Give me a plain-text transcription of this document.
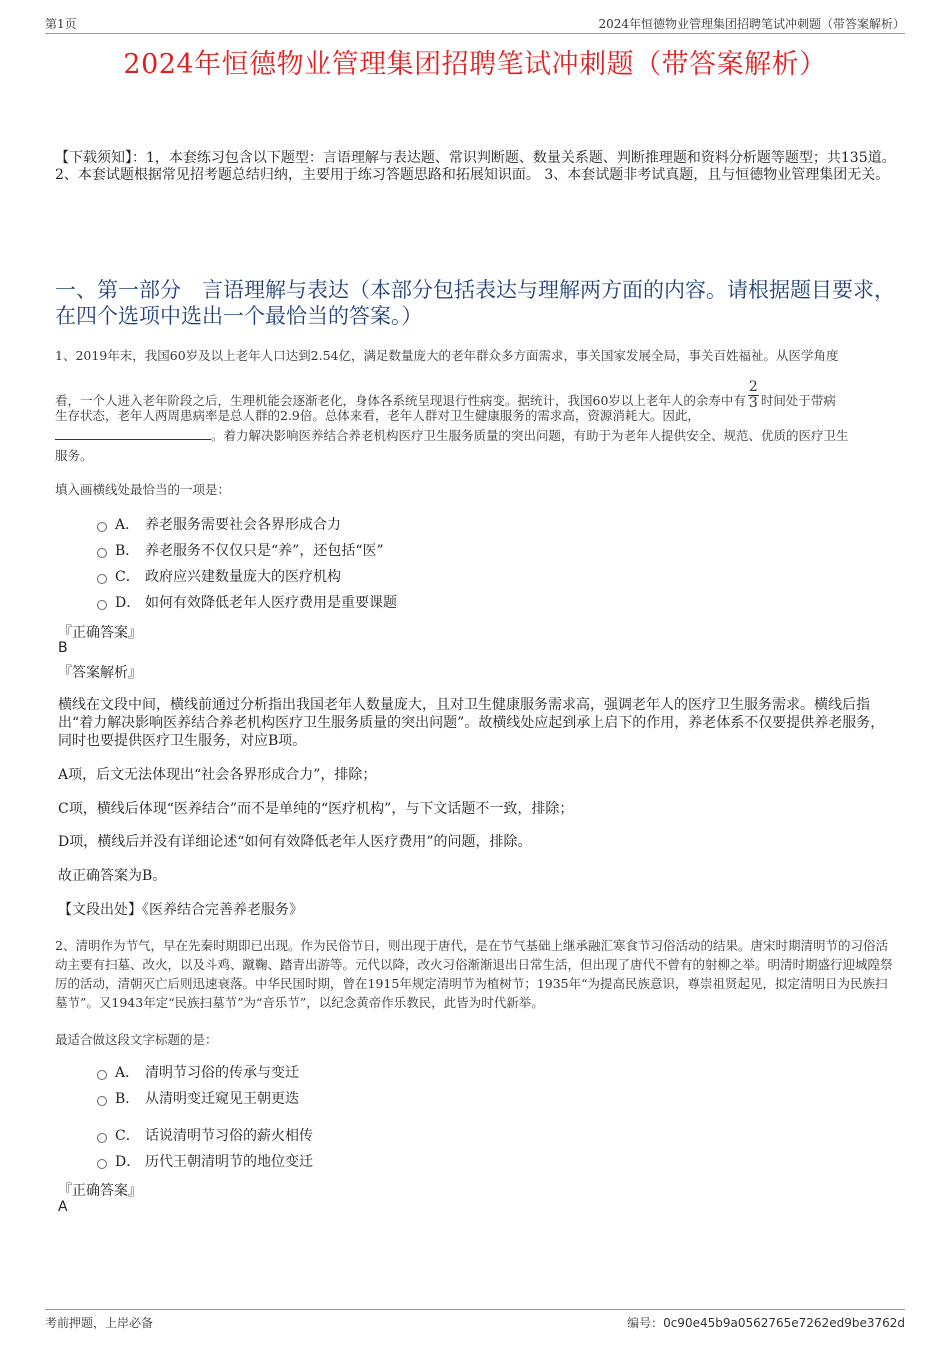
第1页	2024年恒德物业管理集团招聘笔试冲刺题（带答案解析）
2024年恒德物业管理集团招聘笔试冲刺题（带答案解析）
【下载须知】：1，本套练习包含以下题型：言语理解与表达题、常识判断题、数量关系题、判断推理题和资料分析题等题型；共135道。 2、本套试题根据常见招考题总结归纳，主要用于练习答题思路和拓展知识面。 3、本套试题非考试真题，且与恒德物业管理集团无关。
一、第一部分　言语理解与表达（本部分包括表达与理解两方面的内容。请根据题目要求，在四个选项中选出一个最恰当的答案。）
1、2019年末，我国60岁及以上老年人口达到2.54亿，满足数量庞大的老年群众多方面需求，事关国家发展全局，事关百姓福祉。从医学角度
看，一个人进入老年阶段之后，生理机能会逐渐老化，身体各系统呈现退行性病变。据统计，我国60岁以上老年人的余寿中有 $\frac{2}{3}$ 时间处于带病
生存状态，老年人两周患病率是总人群的2.9倍。总体来看，老年人群对卫生健康服务的需求高，资源消耗大。因此，
。着力解决影响医养结合养老机构医疗卫生服务质量的突出问题，有助于为老年人提供安全、规范、优质的医疗卫生
服务。
填入画横线处最恰当的一项是：
A． 养老服务需要社会各界形成合力
B． 养老服务不仅仅只是“养”，还包括“医”
C． 政府应兴建数量庞大的医疗机构
D． 如何有效降低老年人医疗费用是重要课题
『正确答案』
B
『答案解析』
横线在文段中间，横线前通过分析指出我国老年人数量庞大，且对卫生健康服务需求高，强调老年人的医疗卫生服务需求。横线后指出“着力解决影响医养结合养老机构医疗卫生服务质量的突出问题”。故横线处应起到承上启下的作用，养老体系不仅要提供养老服务，同时也要提供医疗卫生服务，对应B项。
A项，后文无法体现出“社会各界形成合力”，排除；
C项，横线后体现“医养结合”而不是单纯的“医疗机构”，与下文话题不一致，排除；
D项，横线后并没有详细论述“如何有效降低老年人医疗费用”的问题，排除。
故正确答案为B。
【文段出处】《医养结合完善养老服务》
2、清明作为节气，早在先秦时期即已出现。作为民俗节日，则出现于唐代，是在节气基础上继承融汇寒食节习俗活动的结果。唐宋时期清明节的习俗活动主要有扫墓、改火，以及斗鸡、蹴鞠、踏青出游等。元代以降，改火习俗渐渐退出日常生活，但出现了唐代不曾有的射柳之举。明清时期盛行迎城隍祭厉的活动，清朝灭亡后则迅速衰落。中华民国时期，曾在1915年规定清明节为植树节；1935年“为提高民族意识，尊崇祖贤起见，拟定清明日为民族扫墓节”。又1943年定“民族扫墓节”为“音乐节”，以纪念黄帝作乐教民，此皆为时代新举。
最适合做这段文字标题的是：
A． 清明节习俗的传承与变迁
B． 从清明变迁窥见王朝更迭
C． 话说清明节习俗的薪火相传
D． 历代王朝清明节的地位变迁
『正确答案』
A
考前押题，上岸必备	编号：0c90e45b9a0562765e7262ed9be3762d
